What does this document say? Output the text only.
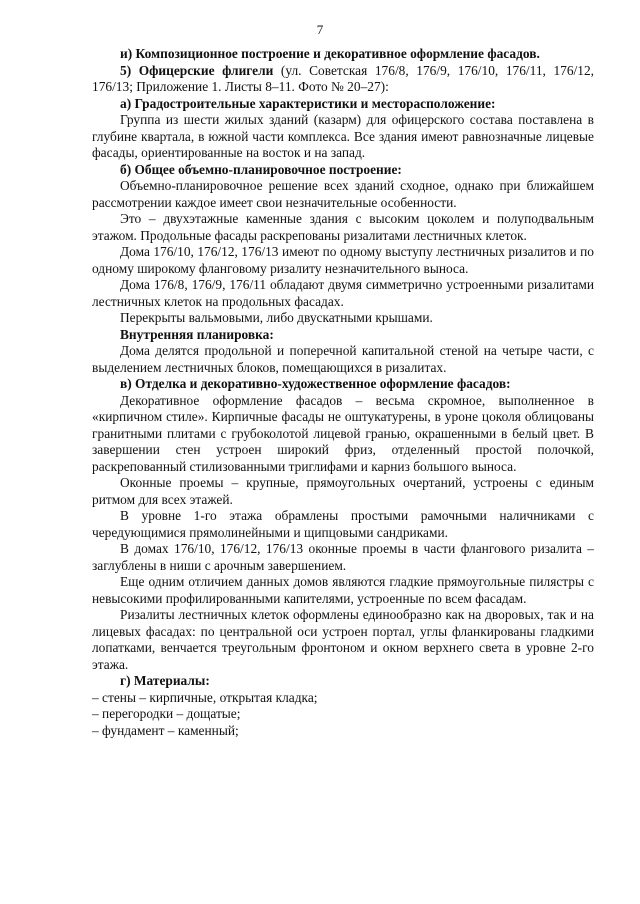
7

и) Композиционное построение и декоративное оформление фасадов.

5) Офицерские флигели (ул. Советская 176/8, 176/9, 176/10, 176/11, 176/12, 176/13; Приложение 1. Листы 8–11. Фото № 20–27):

а) Градостроительные характеристики и месторасположение:

Группа из шести жилых зданий (казарм) для офицерского состава поставлена в глубине квартала, в южной части комплекса. Все здания имеют равнозначные лицевые фасады, ориентированные на восток и на запад.

б) Общее объемно-планировочное построение:

Объемно-планировочное решение всех зданий сходное, однако при ближайшем рассмотрении каждое имеет свои незначительные особенности.

Это – двухэтажные каменные здания с высоким цоколем и полуподвальным этажом. Продольные фасады раскрепованы ризалитами лестничных клеток.

Дома 176/10, 176/12, 176/13 имеют по одному выступу лестничных ризалитов и по одному широкому фланговому ризалиту незначительного выноса.

Дома 176/8, 176/9, 176/11 обладают двумя симметрично устроенными ризалитами лестничных клеток на продольных фасадах.

Перекрыты вальмовыми, либо двускатными крышами.

Внутренняя планировка:

Дома делятся продольной и поперечной капитальной стеной на четыре части, с выделением лестничных блоков, помещающихся в ризалитах.

в) Отделка и декоративно-художественное оформление фасадов:

Декоративное оформление фасадов – весьма скромное, выполненное в «кирпичном стиле». Кирпичные фасады не оштукатурены, в уроне цоколя облицованы гранитными плитами с грубоколотой лицевой гранью, окрашенными в белый цвет. В завершении стен устроен широкий фриз, отделенный простой полочкой, раскрепованный стилизованными триглифами и карниз большого выноса.

Оконные проемы – крупные, прямоугольных очертаний, устроены с единым ритмом для всех этажей.

В уровне 1-го этажа обрамлены простыми рамочными наличниками с чередующимися прямолинейными и щипцовыми сандриками.

В домах 176/10, 176/12, 176/13 оконные проемы в части флангового ризалита – заглублены в ниши с арочным завершением.

Еще одним отличием данных домов являются гладкие прямоугольные пилястры с невысокими профилированными капителями, устроенные по всем фасадам.

Ризалиты лестничных клеток оформлены единообразно как на дворовых, так и на лицевых фасадах: по центральной оси устроен портал, углы фланкированы гладкими лопатками, венчается треугольным фронтоном и окном верхнего света в уровне 2-го этажа.

г) Материалы:

– стены – кирпичные, открытая кладка;

– перегородки – дощатые;

– фундамент – каменный;
